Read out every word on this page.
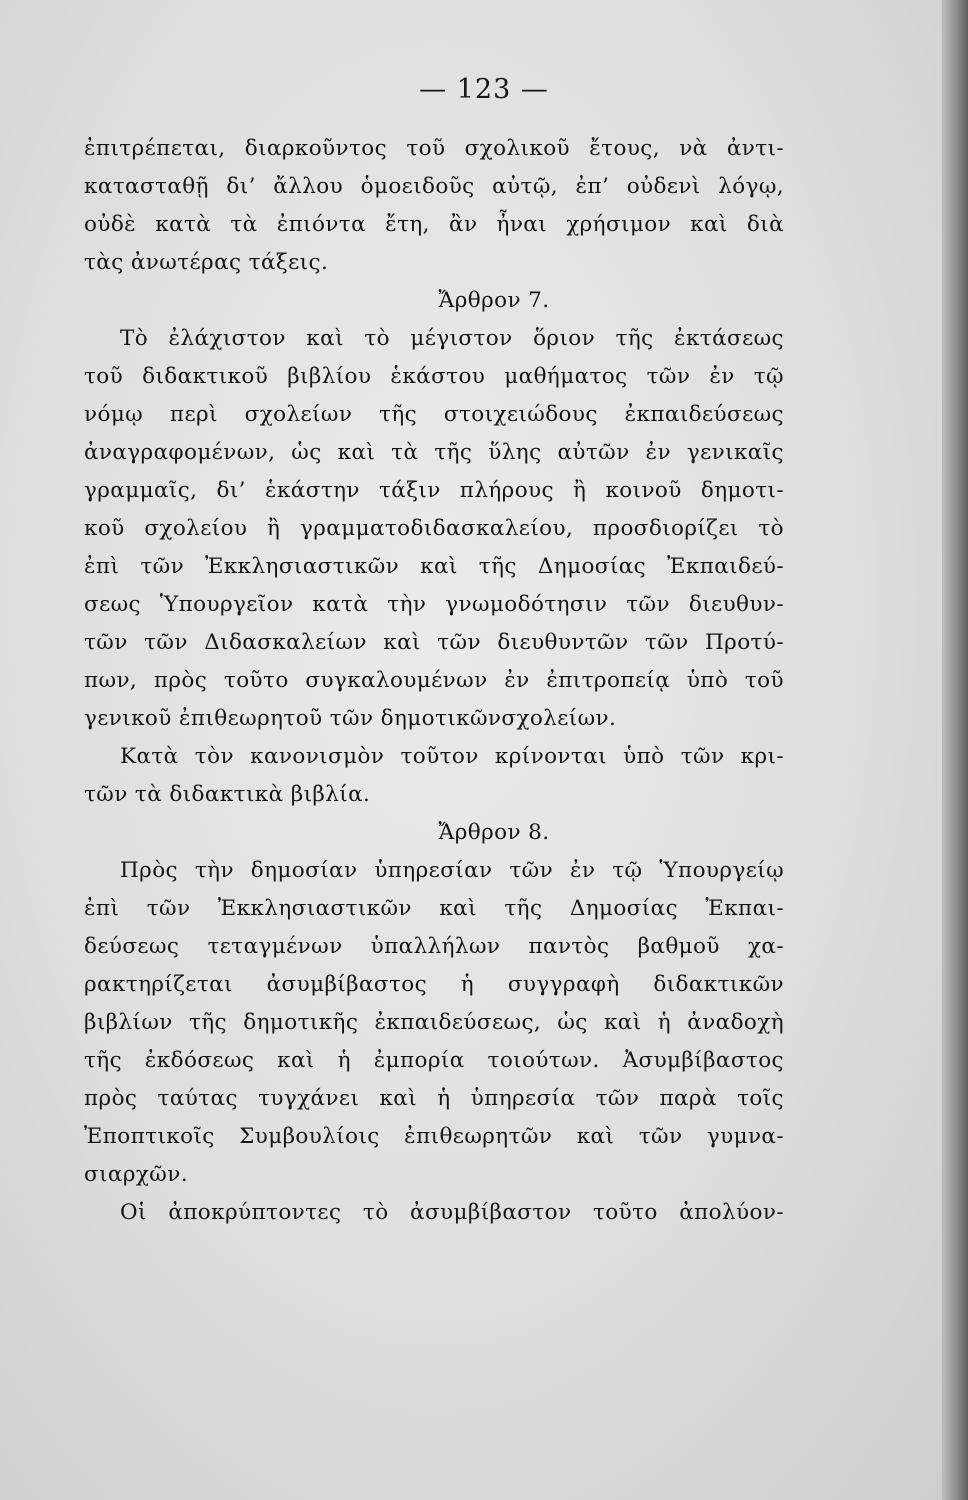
— 123 —
ἐπιτρέπεται, διαρκοῦντος τοῦ σχολικοῦ ἔτους, νὰ ἀντι-
κατασταθῇ δι’ ἄλλου ὁμοειδοῦς αὐτῷ, ἐπ’ οὐδενὶ λόγῳ,
οὐδὲ κατὰ τὰ ἐπιόντα ἔτη, ἂν ἦναι χρήσιμον καὶ διὰ
τὰς ἀνωτέρας τάξεις.
Ἄρθρον 7.
Τὸ ἐλάχιστον καὶ τὸ μέγιστον ὅριον τῆς ἐκτάσεως
τοῦ διδακτικοῦ βιβλίου ἑκάστου μαθήματος τῶν ἐν τῷ
νόμῳ περὶ σχολείων τῆς στοιχειώδους ἐκπαιδεύσεως
ἀναγραφομένων, ὡς καὶ τὰ τῆς ὕλης αὐτῶν ἐν γενικαῖς
γραμμαῖς, δι’ ἑκάστην τάξιν πλήρους ἢ κοινοῦ δημοτι-
κοῦ σχολείου ἢ γραμματοδιδασκαλείου, προσδιορίζει τὸ
ἐπὶ τῶν Ἐκκλησιαστικῶν καὶ τῆς Δημοσίας Ἐκπαιδεύ-
σεως Ὑπουργεῖον κατὰ τὴν γνωμοδότησιν τῶν διευθυν-
τῶν τῶν Διδασκαλείων καὶ τῶν διευθυντῶν τῶν Προτύ-
πων, πρὸς τοῦτο συγκαλουμένων ἐν ἐπιτροπείᾳ ὑπὸ τοῦ
γενικοῦ ἐπιθεωρητοῦ τῶν δημοτικῶνσχολείων.
Κατὰ τὸν κανονισμὸν τοῦτον κρίνονται ὑπὸ τῶν κρι-
τῶν τὰ διδακτικὰ βιβλία.
Ἄρθρον 8.
Πρὸς τὴν δημοσίαν ὑπηρεσίαν τῶν ἐν τῷ Ὑπουργείῳ
ἐπὶ τῶν Ἐκκλησιαστικῶν καὶ τῆς Δημοσίας Ἐκπαι-
δεύσεως τεταγμένων ὑπαλλήλων παντὸς βαθμοῦ χα-
ρακτηρίζεται ἀσυμβίβαστος ἡ συγγραφὴ διδακτικῶν
βιβλίων τῆς δημοτικῆς ἐκπαιδεύσεως, ὡς καὶ ἡ ἀναδοχὴ
τῆς ἐκδόσεως καὶ ἡ ἐμπορία τοιούτων. Ἀσυμβίβαστος
πρὸς ταύτας τυγχάνει καὶ ἡ ὑπηρεσία τῶν παρὰ τοῖς
Ἐποπτικοῖς Συμβουλίοις ἐπιθεωρητῶν καὶ τῶν γυμνα-
σιαρχῶν.
Οἱ ἀποκρύπτοντες τὸ ἀσυμβίβαστον τοῦτο ἀπολύον-
